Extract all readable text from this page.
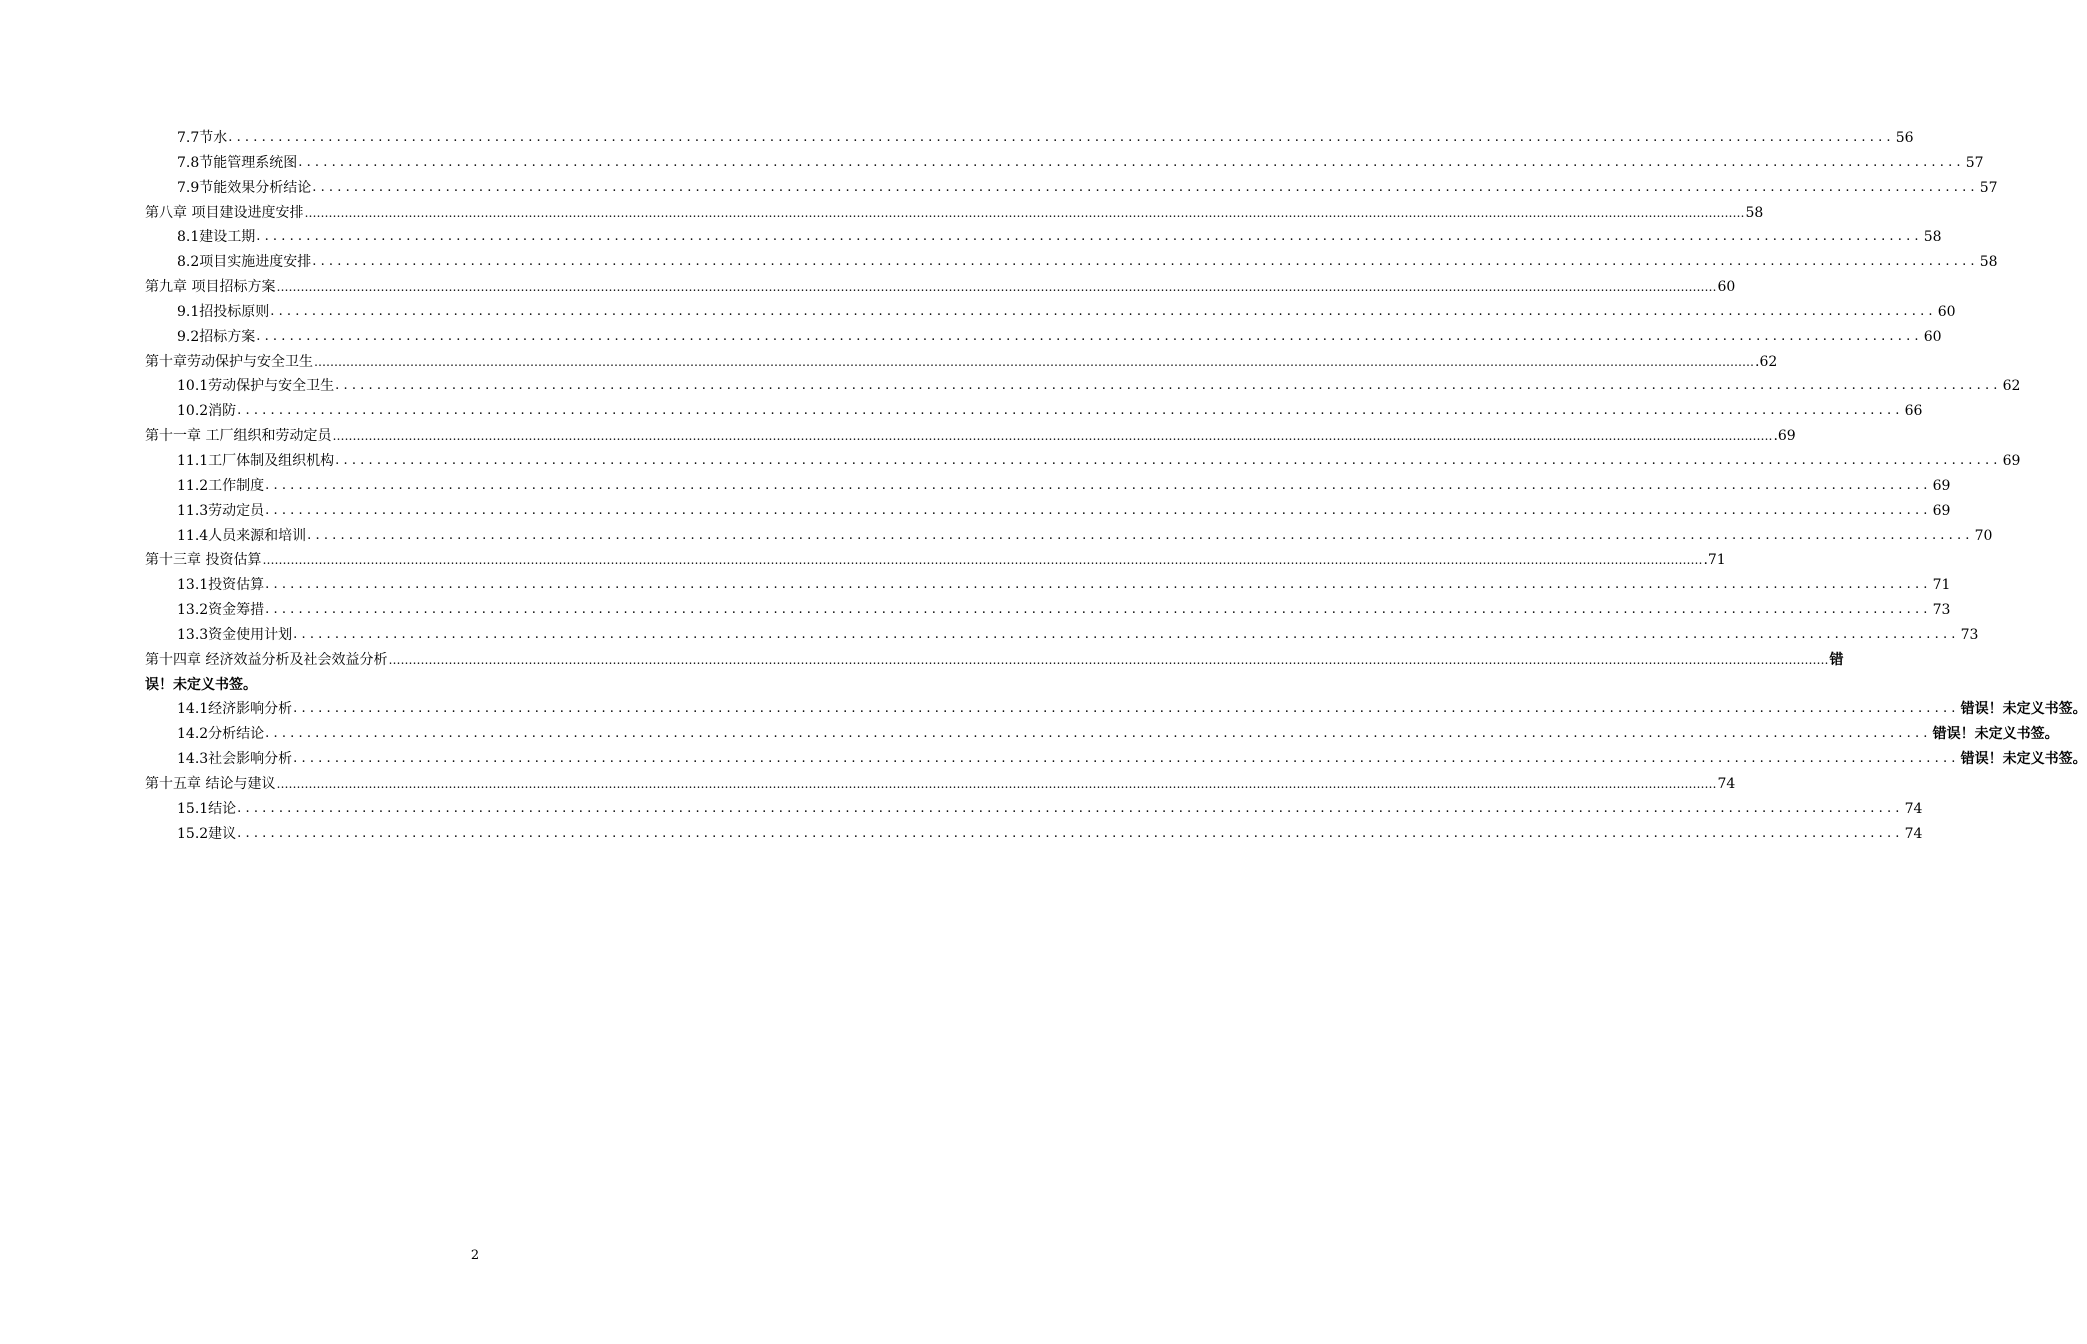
7.7节水 ........................................................................................................................................................................................................ 56
7.8节能管理系统图 ........................................................................................................................................................................................................ 57
7.9节能效果分析结论 ........................................................................................................................................................................................................ 57
第八章 项目建设进度安排 ……………………………………………………………………………………………………………………………………………………………………………………………………………………………………………………………………………………………………………………………… 58
8.1建设工期 ........................................................................................................................................................................................................ 58
8.2项目实施进度安排 ........................................................................................................................................................................................................ 58
第九章 项目招标方案 ……………………………………………………………………………………………………………………………………………………………………………………………………………………………………………………………………………………………………………………………… 60
9.1招投标原则 ........................................................................................................................................................................................................ 60
9.2招标方案 ........................................................................................................................................................................................................ 60
第十章劳动保护与安全卫生 ……………………………………………………………………………………………………………………………………………………………………………………………………………………………………………………………………………………………………………………………… .62
10.1劳动保护与安全卫生 ........................................................................................................................................................................................................ 62
10.2消防 ........................................................................................................................................................................................................ 66
第十一章 工厂组织和劳动定员 ……………………………………………………………………………………………………………………………………………………………………………………………………………………………………………………………………………………………………………………………… .69
11.1工厂体制及组织机构 ........................................................................................................................................................................................................ 69
11.2工作制度 ........................................................................................................................................................................................................ 69
11.3劳动定员 ........................................................................................................................................................................................................ 69
11.4人员来源和培训 ........................................................................................................................................................................................................ 70
第十三章 投资估算 ……………………………………………………………………………………………………………………………………………………………………………………………………………………………………………………………………………………………………………………………… .71
13.1投资估算 ........................................................................................................................................................................................................ 71
13.2资金筹措 ........................................................................................................................................................................................................ 73
13.3资金使用计划 ........................................................................................................................................................................................................ 73
第十四章 经济效益分析及社会效益分析 ……………………………………………………………………………………………………………………………………………………………………………………………………………………………………………………………………………………………………………………………… 错
误！未定义书签。
14.1经济影响分析 ........................................................................................................................................................................................................ 错误！未定义书签。
14.2分析结论 ........................................................................................................................................................................................................ 错误！未定义书签。
14.3社会影响分析 ........................................................................................................................................................................................................ 错误！未定义书签。
第十五章 结论与建议 ……………………………………………………………………………………………………………………………………………………………………………………………………………………………………………………………………………………………………………………………… 74
15.1结论 ........................................................................................................................................................................................................ 74
15.2建议 ........................................................................................................................................................................................................ 74
2
